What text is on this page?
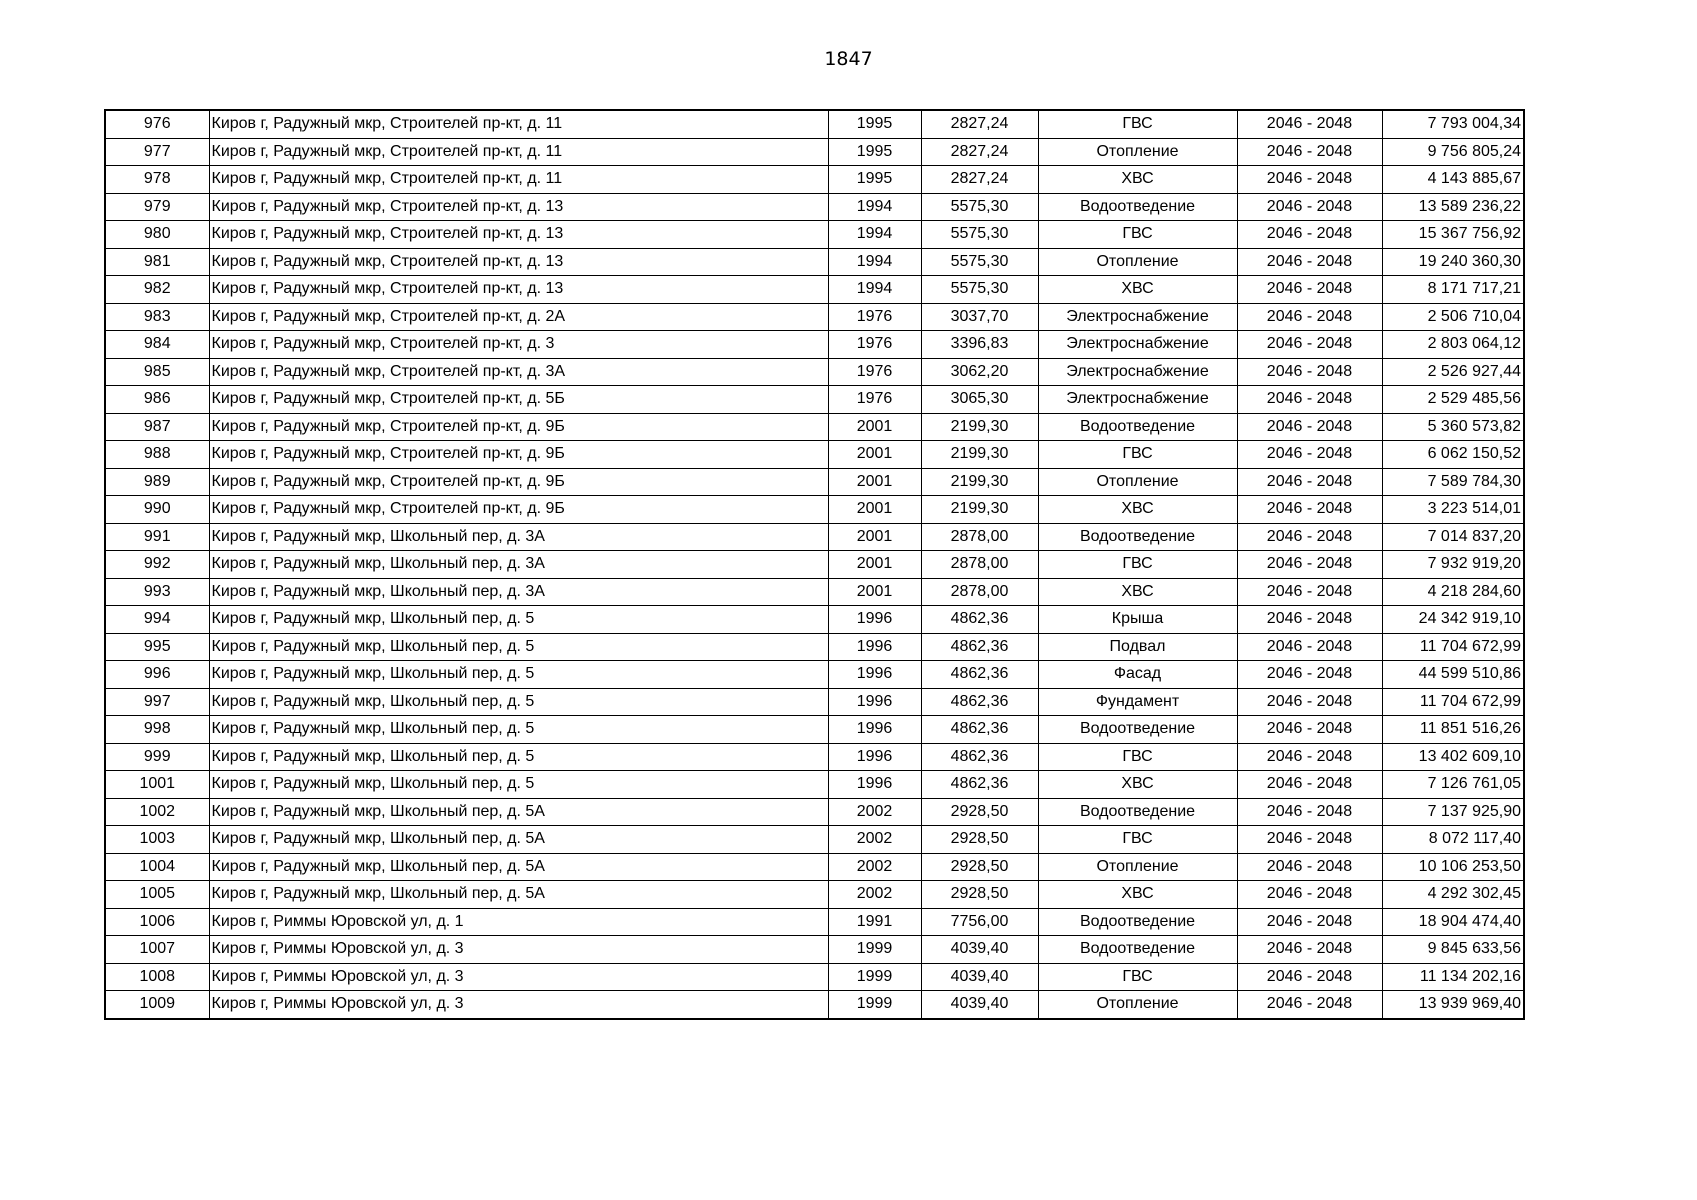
1847
976	Киров г, Радужный мкр, Строителей пр-кт, д. 11	1995	2827,24	ГВС	2046 - 2048	7 793 004,34
977	Киров г, Радужный мкр, Строителей пр-кт, д. 11	1995	2827,24	Отопление	2046 - 2048	9 756 805,24
978	Киров г, Радужный мкр, Строителей пр-кт, д. 11	1995	2827,24	ХВС	2046 - 2048	4 143 885,67
979	Киров г, Радужный мкр, Строителей пр-кт, д. 13	1994	5575,30	Водоотведение	2046 - 2048	13 589 236,22
980	Киров г, Радужный мкр, Строителей пр-кт, д. 13	1994	5575,30	ГВС	2046 - 2048	15 367 756,92
981	Киров г, Радужный мкр, Строителей пр-кт, д. 13	1994	5575,30	Отопление	2046 - 2048	19 240 360,30
982	Киров г, Радужный мкр, Строителей пр-кт, д. 13	1994	5575,30	ХВС	2046 - 2048	8 171 717,21
983	Киров г, Радужный мкр, Строителей пр-кт, д. 2А	1976	3037,70	Электроснабжение	2046 - 2048	2 506 710,04
984	Киров г, Радужный мкр, Строителей пр-кт, д. 3	1976	3396,83	Электроснабжение	2046 - 2048	2 803 064,12
985	Киров г, Радужный мкр, Строителей пр-кт, д. 3А	1976	3062,20	Электроснабжение	2046 - 2048	2 526 927,44
986	Киров г, Радужный мкр, Строителей пр-кт, д. 5Б	1976	3065,30	Электроснабжение	2046 - 2048	2 529 485,56
987	Киров г, Радужный мкр, Строителей пр-кт, д. 9Б	2001	2199,30	Водоотведение	2046 - 2048	5 360 573,82
988	Киров г, Радужный мкр, Строителей пр-кт, д. 9Б	2001	2199,30	ГВС	2046 - 2048	6 062 150,52
989	Киров г, Радужный мкр, Строителей пр-кт, д. 9Б	2001	2199,30	Отопление	2046 - 2048	7 589 784,30
990	Киров г, Радужный мкр, Строителей пр-кт, д. 9Б	2001	2199,30	ХВС	2046 - 2048	3 223 514,01
991	Киров г, Радужный мкр, Школьный пер, д. 3А	2001	2878,00	Водоотведение	2046 - 2048	7 014 837,20
992	Киров г, Радужный мкр, Школьный пер, д. 3А	2001	2878,00	ГВС	2046 - 2048	7 932 919,20
993	Киров г, Радужный мкр, Школьный пер, д. 3А	2001	2878,00	ХВС	2046 - 2048	4 218 284,60
994	Киров г, Радужный мкр, Школьный пер, д. 5	1996	4862,36	Крыша	2046 - 2048	24 342 919,10
995	Киров г, Радужный мкр, Школьный пер, д. 5	1996	4862,36	Подвал	2046 - 2048	11 704 672,99
996	Киров г, Радужный мкр, Школьный пер, д. 5	1996	4862,36	Фасад	2046 - 2048	44 599 510,86
997	Киров г, Радужный мкр, Школьный пер, д. 5	1996	4862,36	Фундамент	2046 - 2048	11 704 672,99
998	Киров г, Радужный мкр, Школьный пер, д. 5	1996	4862,36	Водоотведение	2046 - 2048	11 851 516,26
999	Киров г, Радужный мкр, Школьный пер, д. 5	1996	4862,36	ГВС	2046 - 2048	13 402 609,10
1001	Киров г, Радужный мкр, Школьный пер, д. 5	1996	4862,36	ХВС	2046 - 2048	7 126 761,05
1002	Киров г, Радужный мкр, Школьный пер, д. 5А	2002	2928,50	Водоотведение	2046 - 2048	7 137 925,90
1003	Киров г, Радужный мкр, Школьный пер, д. 5А	2002	2928,50	ГВС	2046 - 2048	8 072 117,40
1004	Киров г, Радужный мкр, Школьный пер, д. 5А	2002	2928,50	Отопление	2046 - 2048	10 106 253,50
1005	Киров г, Радужный мкр, Школьный пер, д. 5А	2002	2928,50	ХВС	2046 - 2048	4 292 302,45
1006	Киров г, Риммы Юровской ул, д. 1	1991	7756,00	Водоотведение	2046 - 2048	18 904 474,40
1007	Киров г, Риммы Юровской ул, д. 3	1999	4039,40	Водоотведение	2046 - 2048	9 845 633,56
1008	Киров г, Риммы Юровской ул, д. 3	1999	4039,40	ГВС	2046 - 2048	11 134 202,16
1009	Киров г, Риммы Юровской ул, д. 3	1999	4039,40	Отопление	2046 - 2048	13 939 969,40
